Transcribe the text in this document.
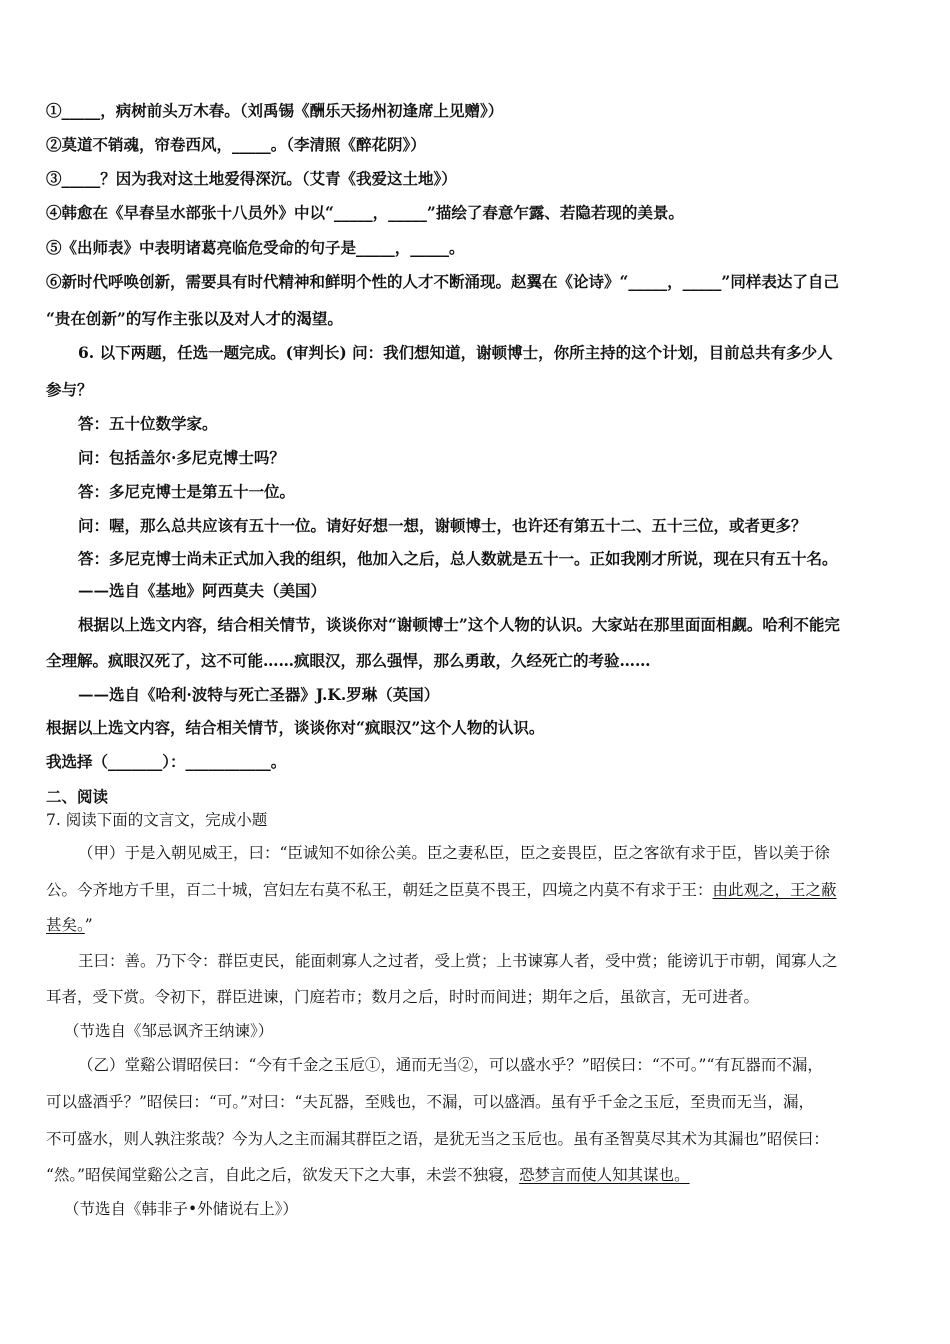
①_____，病树前头万木春。（刘禹锡《酬乐天扬州初逢席上见赠》）
②莫道不销魂，帘卷西风，_____。（李清照《醉花阴》）
③_____？因为我对这土地爱得深沉。（艾青《我爱这土地》）
④韩愈在《早春呈水部张十八员外》中以“_____，_____”描绘了春意乍露、若隐若现的美景。
⑤《出师表》中表明诸葛亮临危受命的句子是_____，_____。
⑥新时代呼唤创新，需要具有时代精神和鲜明个性的人才不断涌现。赵翼在《论诗》“_____，_____”同样表达了自己
“贵在创新”的写作主张以及对人才的渴望。
6. 以下两题，任选一题完成。(审判长) 问：我们想知道，谢顿博士，你所主持的这个计划，目前总共有多少人
参与？
答：五十位数学家。
问：包括盖尔·多尼克博士吗？
答：多尼克博士是第五十一位。
问：喔，那么总共应该有五十一位。请好好想一想，谢顿博士，也许还有第五十二、五十三位，或者更多？
答：多尼克博士尚未正式加入我的组织，他加入之后，总人数就是五十一。正如我刚才所说，现在只有五十名。
——选自《基地》阿西莫夫（美国）
根据以上选文内容，结合相关情节，谈谈你对“谢顿博士”这个人物的认识。大家站在那里面面相觑。哈利不能完
全理解。疯眼汉死了，这不可能……疯眼汉，那么强悍，那么勇敢，久经死亡的考验……
——选自《哈利·波特与死亡圣器》J.K.罗琳（英国）
根据以上选文内容，结合相关情节，谈谈你对“疯眼汉”这个人物的认识。
我选择（_______）：___________。
二、阅读
7. 阅读下面的文言文，完成小题
（甲）于是入朝见威王，曰：“臣诚知不如徐公美。臣之妻私臣，臣之妾畏臣，臣之客欲有求于臣，皆以美于徐
公。今齐地方千里，百二十城，宫妇左右莫不私王，朝廷之臣莫不畏王，四境之内莫不有求于王：由此观之，王之蔽
甚矣。”
王曰：善。乃下令：群臣吏民，能面刺寡人之过者，受上赏；上书谏寡人者，受中赏；能谤讥于市朝，闻寡人之
耳者，受下赏。令初下，群臣进谏，门庭若市；数月之后，时时而间进；期年之后，虽欲言，无可进者。
（节选自《邹忌讽齐王纳谏》）
（乙）堂谿公谓昭侯曰：“今有千金之玉卮①，通而无当②，可以盛水乎？”昭侯曰：“不可。”“有瓦器而不漏，
可以盛酒乎？”昭侯曰：“可。”对曰：“夫瓦器，至贱也，不漏，可以盛酒。虽有乎千金之玉卮，至贵而无当，漏，
不可盛水，则人孰注浆哉？今为人之主而漏其群臣之语，是犹无当之玉卮也。虽有圣智莫尽其术为其漏也”昭侯曰：
“然。”昭侯闻堂谿公之言，自此之后，欲发天下之大事，未尝不独寝，恐梦言而使人知其谋也。
（节选自《韩非子•外储说右上》）
